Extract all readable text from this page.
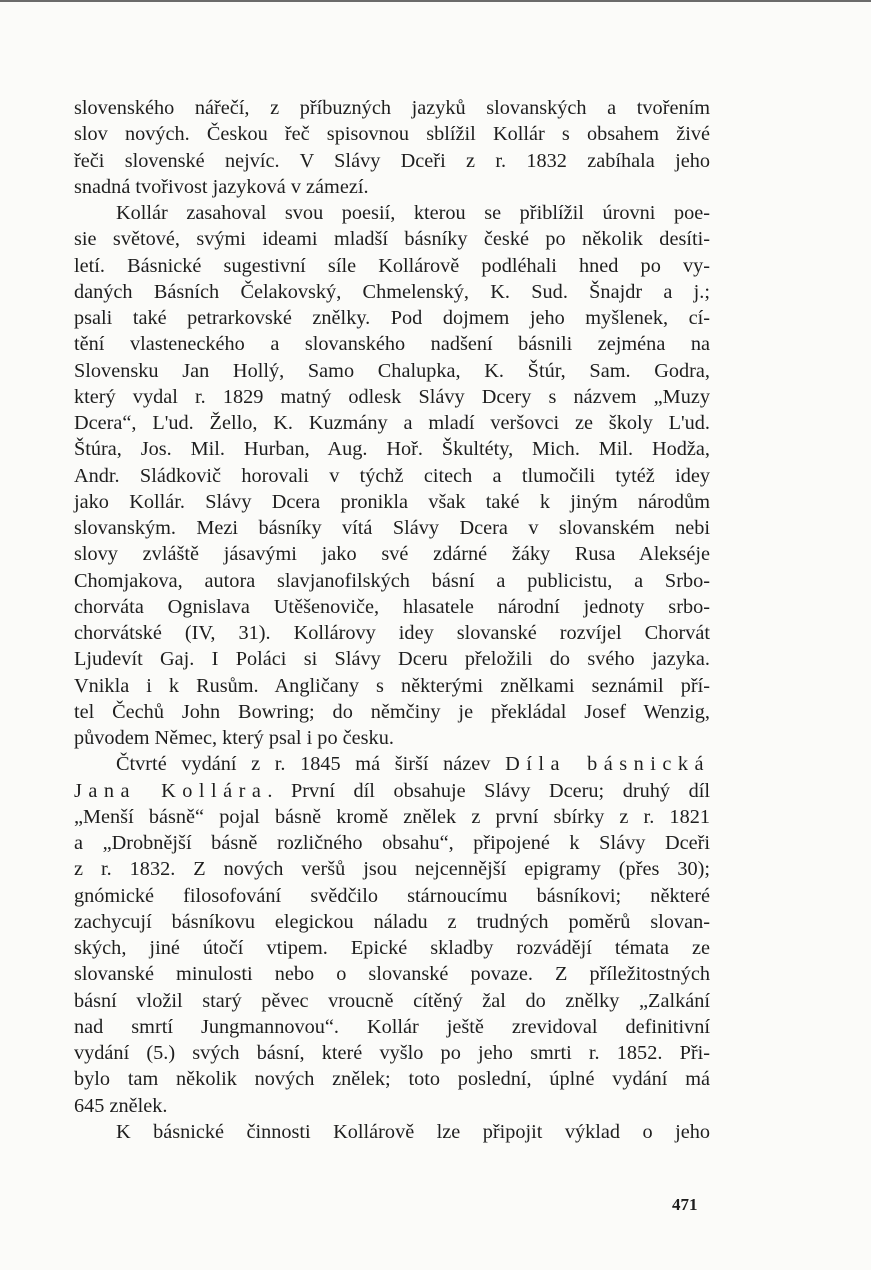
slovenského nářečí, z příbuzných jazyků slovanských a tvořením
slov nových. Českou řeč spisovnou sblížil Kollár s obsahem živé
řeči slovenské nejvíc. V Slávy Dceři z r. 1832 zabíhala jeho
snadná tvořivost jazyková v zámezí.
Kollár zasahoval svou poesií, kterou se přiblížil úrovni poe-
sie světové, svými ideami mladší básníky české po několik desíti-
letí. Básnické sugestivní síle Kollárově podléhali hned po vy-
daných Básních Čelakovský, Chmelenský, K. Sud. Šnajdr a j.;
psali také petrarkovské znělky. Pod dojmem jeho myšlenek, cí-
tění vlasteneckého a slovanského nadšení básnili zejména na
Slovensku Jan Hollý, Samo Chalupka, K. Štúr, Sam. Godra,
který vydal r. 1829 matný odlesk Slávy Dcery s názvem „Muzy
Dcera“, L'ud. Žello, K. Kuzmány a mladí veršovci ze školy L'ud.
Štúra, Jos. Mil. Hurban, Aug. Hoř. Škultéty, Mich. Mil. Hodža,
Andr. Sládkovič horovali v týchž citech a tlumočili tytéž idey
jako Kollár. Slávy Dcera pronikla však také k jiným národům
slovanským. Mezi básníky vítá Slávy Dcera v slovanském nebi
slovy zvláště jásavými jako své zdárné žáky Rusa Alekséje
Chomjakova, autora slavjanofilských básní a publicistu, a Srbo-
chorváta Ognislava Utěšenoviče, hlasatele národní jednoty srbo-
chorvátské (IV, 31). Kollárovy idey slovanské rozvíjel Chorvát
Ljudevít Gaj. I Poláci si Slávy Dceru přeložili do svého jazyka.
Vnikla i k Rusům. Angličany s některými znělkami seznámil pří-
tel Čechů John Bowring; do němčiny je překládal Josef Wenzig,
původem Němec, který psal i po česku.
Čtvrté vydání z r. 1845 má širší název Díla básnická
Jana Kollára. První díl obsahuje Slávy Dceru; druhý díl
„Menší básně“ pojal básně kromě znělek z první sbírky z r. 1821
a „Drobnější básně rozličného obsahu“, připojené k Slávy Dceři
z r. 1832. Z nových veršů jsou nejcennější epigramy (přes 30);
gnómické filosofování svědčilo stárnoucímu básníkovi; některé
zachycují básníkovu elegickou náladu z trudných poměrů slovan-
ských, jiné útočí vtipem. Epické skladby rozvádějí témata ze
slovanské minulosti nebo o slovanské povaze. Z příležitostných
básní vložil starý pěvec vroucně cítěný žal do znělky „Zalkání
nad smrtí Jungmannovou“. Kollár ještě zrevidoval definitivní
vydání (5.) svých básní, které vyšlo po jeho smrti r. 1852. Při-
bylo tam několik nových znělek; toto poslední, úplné vydání má
645 znělek.
K básnické činnosti Kollárově lze připojit výklad o jeho
471
